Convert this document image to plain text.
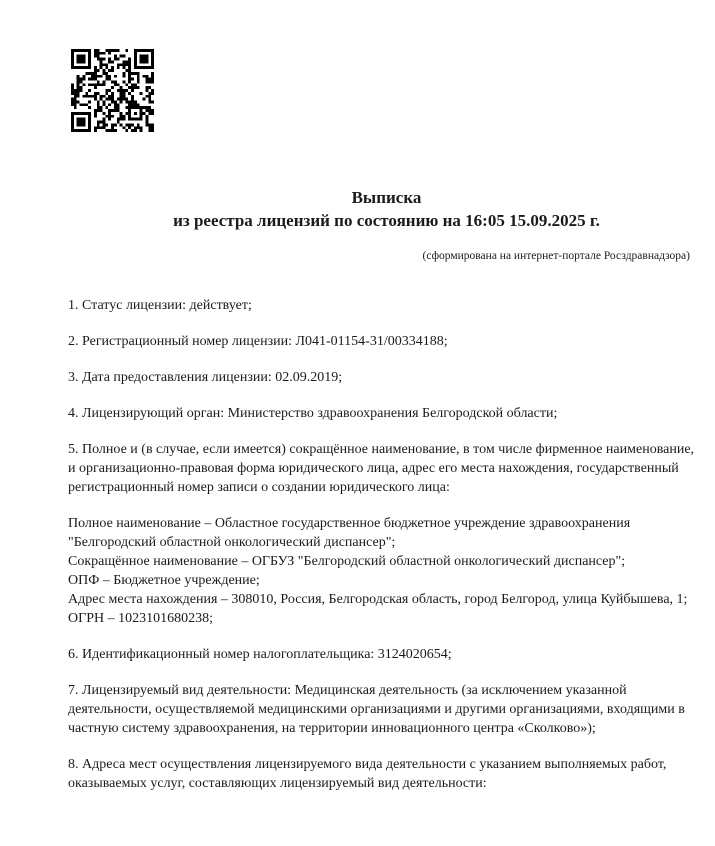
Выписка
из реестра лицензий по состоянию на 16:05 15.09.2025 г.
(сформирована на интернет-портале Росздравнадзора)

1. Статус лицензии: действует;

2. Регистрационный номер лицензии: Л041-01154-31/00334188;

3. Дата предоставления лицензии: 02.09.2019;

4. Лицензирующий орган: Министерство здравоохранения Белгородской области;

5. Полное и (в случае, если имеется) сокращённое наименование, в том числе фирменное наименование, и организационно-правовая форма юридического лица, адрес его места нахождения, государственный регистрационный номер записи о создании юридического лица:

Полное наименование – Областное государственное бюджетное учреждение здравоохранения "Белгородский областной онкологический диспансер";
Сокращённое наименование – ОГБУЗ "Белгородский областной онкологический диспансер";
ОПФ – Бюджетное учреждение;
Адрес места нахождения – 308010, Россия, Белгородская область, город Белгород, улица Куйбышева, 1;
ОГРН – 1023101680238;

6. Идентификационный номер налогоплательщика: 3124020654;

7. Лицензируемый вид деятельности: Медицинская деятельность (за исключением указанной деятельности, осуществляемой медицинскими организациями и другими организациями, входящими в частную систему здравоохранения, на территории инновационного центра «Сколково»);

8. Адреса мест осуществления лицензируемого вида деятельности с указанием выполняемых работ, оказываемых услуг, составляющих лицензируемый вид деятельности:
